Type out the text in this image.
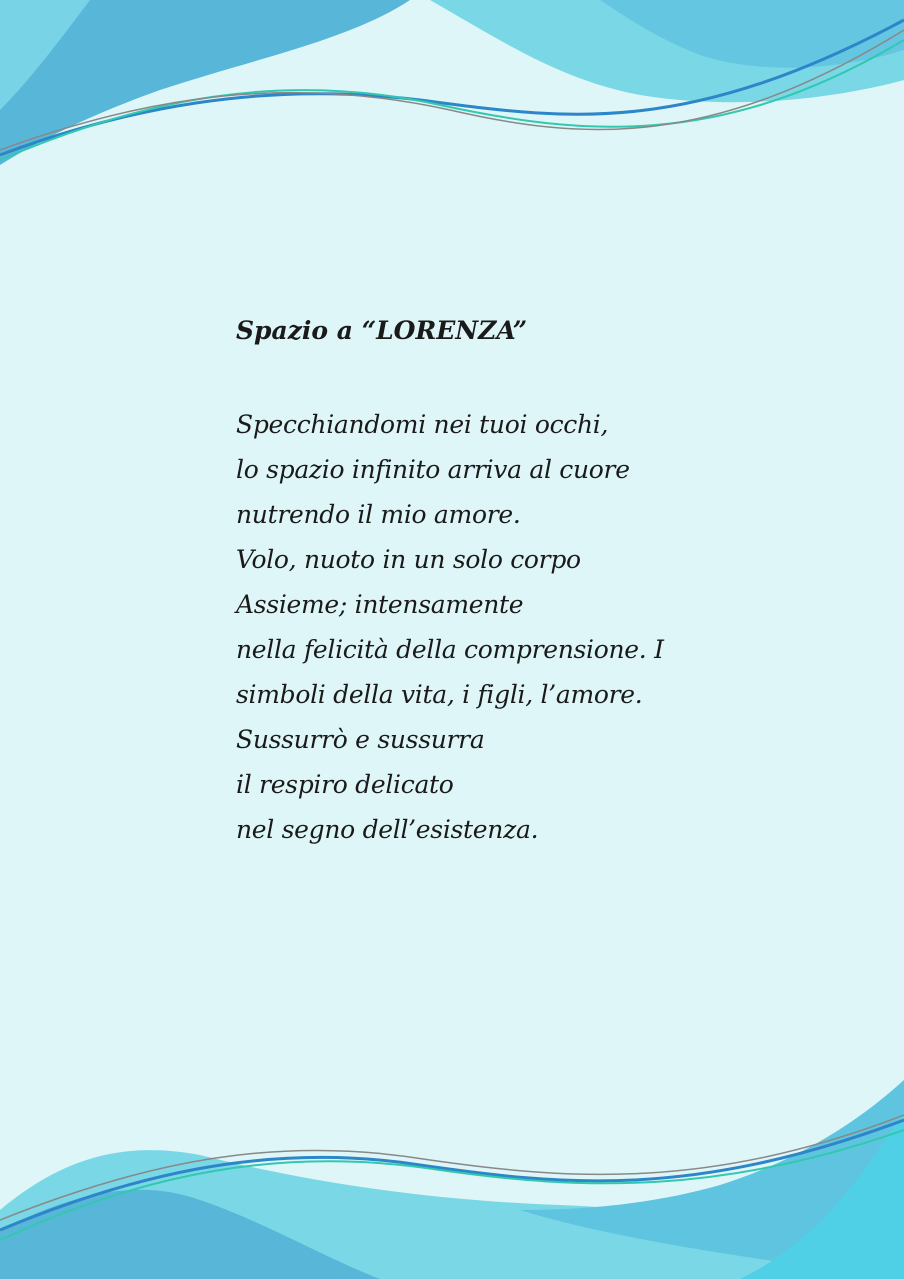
Spazio a “LORENZA”
Specchiandomi nei tuoi occhi,
lo spazio infinito arriva al cuore
nutrendo il mio amore.
Volo, nuoto in un solo corpo
Assieme; intensamente
nella felicità della comprensione. I
simboli della vita, i figli, l’amore.
Sussurrò e sussurra
il respiro delicato
nel segno dell’esistenza.
